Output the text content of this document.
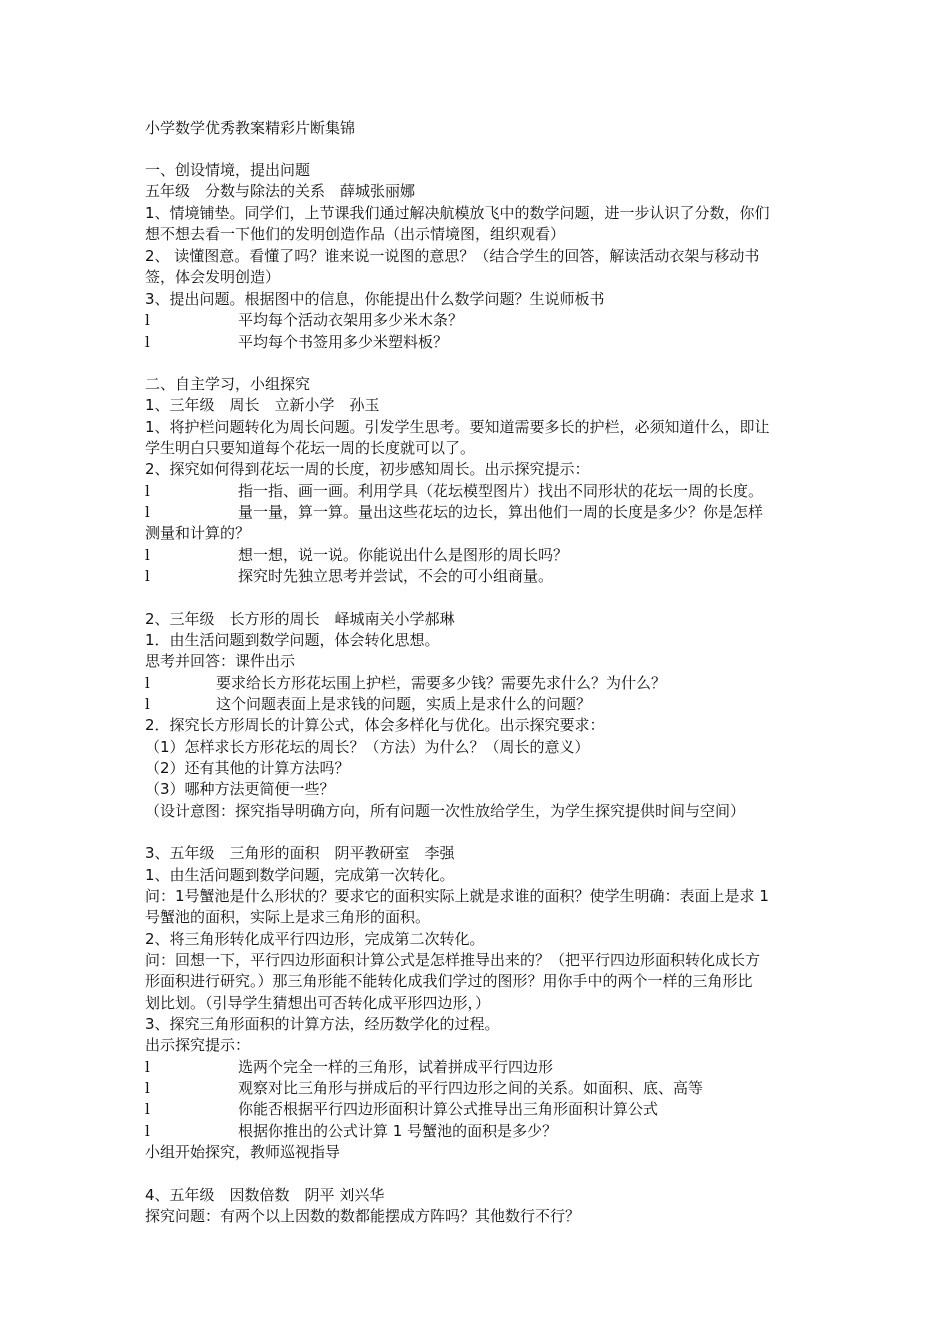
小学数学优秀教案精彩片断集锦
一、创设情境，提出问题
五年级　分数与除法的关系　薛城张丽娜
1、情境铺垫。同学们，上节课我们通过解决航模放飞中的数学问题，进一步认识了分数，你们
想不想去看一下他们的发明创造作品（出示情境图，组织观看）
2、 读懂图意。看懂了吗？谁来说一说图的意思？（结合学生的回答，解读活动衣架与移动书
签，体会发明创造）
3、提出问题。根据图中的信息，你能提出什么数学问题？生说师板书
l	平均每个活动衣架用多少米木条？
l	平均每个书签用多少米塑料板？
二、自主学习，小组探究
1、三年级　周长　立新小学　孙玉
1、将护栏问题转化为周长问题。引发学生思考。要知道需要多长的护栏，必须知道什么，即让
学生明白只要知道每个花坛一周的长度就可以了。
2、探究如何得到花坛一周的长度，初步感知周长。出示探究提示：
l	指一指、画一画。利用学具（花坛模型图片）找出不同形状的花坛一周的长度。
l	量一量，算一算。量出这些花坛的边长，算出他们一周的长度是多少？你是怎样
测量和计算的？
l	想一想，说一说。你能说出什么是图形的周长吗？
l	探究时先独立思考并尝试，不会的可小组商量。
2、三年级　长方形的周长　峄城南关小学郝琳
1．由生活问题到数学问题，体会转化思想。
思考并回答：课件出示
l	要求给长方形花坛围上护栏，需要多少钱？需要先求什么？为什么？
l	这个问题表面上是求钱的问题，实质上是求什么的问题？
2．探究长方形周长的计算公式，体会多样化与优化。出示探究要求：
（1）怎样求长方形花坛的周长？（方法）为什么？（周长的意义）
（2）还有其他的计算方法吗？
（3）哪种方法更简便一些？
（设计意图：探究指导明确方向，所有问题一次性放给学生，为学生探究提供时间与空间）
3、五年级　三角形的面积　阴平教研室　李强
1、由生活问题到数学问题，完成第一次转化。
问：1号蟹池是什么形状的？要求它的面积实际上就是求谁的面积？使学生明确：表面上是求 1
号蟹池的面积，实际上是求三角形的面积。
2、将三角形转化成平行四边形，完成第二次转化。
问：回想一下，平行四边形面积计算公式是怎样推导出来的？（把平行四边形面积转化成长方
形面积进行研究。）那三角形能不能转化成我们学过的图形？用你手中的两个一样的三角形比
划比划。（引导学生猜想出可否转化成平形四边形，）
3、探究三角形面积的计算方法，经历数学化的过程。
出示探究提示：
l	选两个完全一样的三角形，试着拼成平行四边形
l	观察对比三角形与拼成后的平行四边形之间的关系。如面积、底、高等
l	你能否根据平行四边形面积计算公式推导出三角形面积计算公式
l	根据你推出的公式计算 1 号蟹池的面积是多少？
小组开始探究，教师巡视指导
4、五年级　因数倍数　阴平 刘兴华
探究问题：有两个以上因数的数都能摆成方阵吗？其他数行不行？
